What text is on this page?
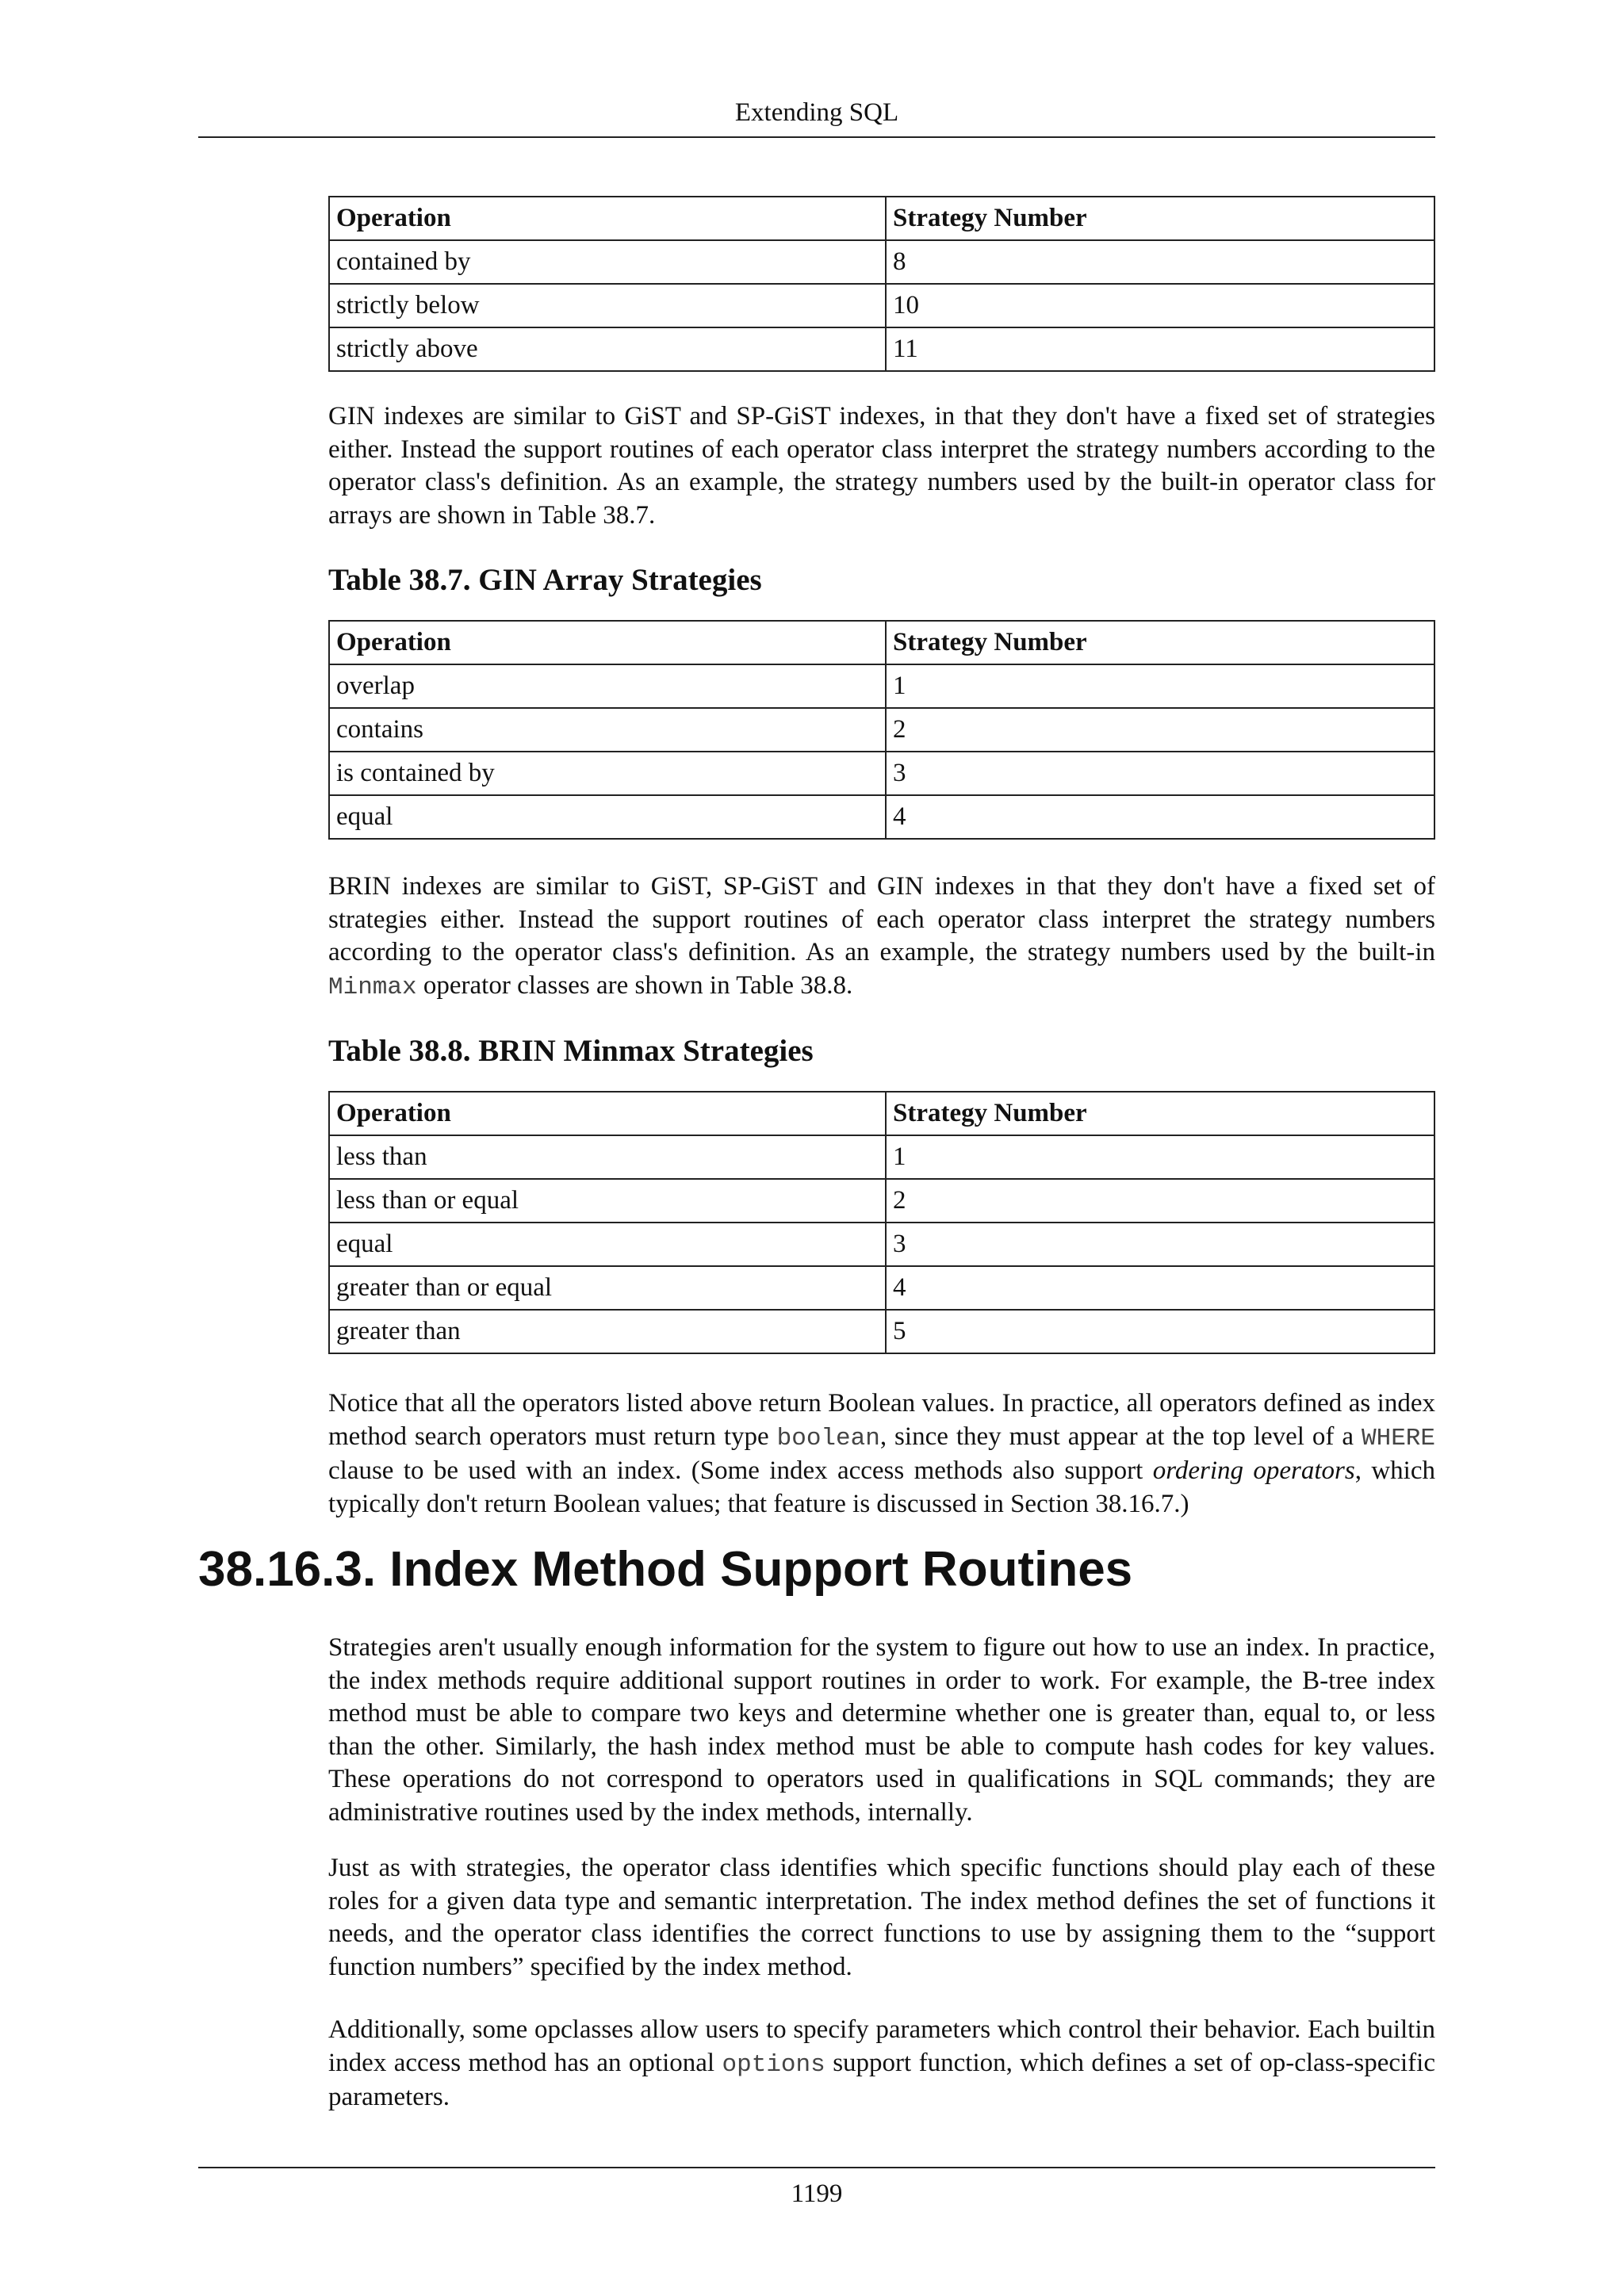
Extending SQL
Operation	Strategy Number
contained by	8
strictly below	10
strictly above	11

GIN indexes are similar to GiST and SP-GiST indexes, in that they don't have a fixed set of strategies either. Instead the support routines of each operator class interpret the strategy numbers according to the operator class's definition. As an example, the strategy numbers used by the built-in operator class for arrays are shown in Table 38.7.

Table 38.7. GIN Array Strategies

Operation	Strategy Number
overlap	1
contains	2
is contained by	3
equal	4

BRIN indexes are similar to GiST, SP-GiST and GIN indexes in that they don't have a fixed set of strategies either. Instead the support routines of each operator class interpret the strategy numbers according to the operator class's definition. As an example, the strategy numbers used by the built-in Minmax operator classes are shown in Table 38.8.

Table 38.8. BRIN Minmax Strategies

Operation	Strategy Number
less than	1
less than or equal	2
equal	3
greater than or equal	4
greater than	5

Notice that all the operators listed above return Boolean values. In practice, all operators defined as index method search operators must return type boolean, since they must appear at the top level of a WHERE clause to be used with an index. (Some index access methods also support ordering operators, which typically don't return Boolean values; that feature is discussed in Section 38.16.7.)

38.16.3. Index Method Support Routines

Strategies aren't usually enough information for the system to figure out how to use an index. In practice, the index methods require additional support routines in order to work. For example, the B-tree index method must be able to compare two keys and determine whether one is greater than, equal to, or less than the other. Similarly, the hash index method must be able to compute hash codes for key values. These operations do not correspond to operators used in qualifications in SQL commands; they are administrative routines used by the index methods, internally.

Just as with strategies, the operator class identifies which specific functions should play each of these roles for a given data type and semantic interpretation. The index method defines the set of functions it needs, and the operator class identifies the correct functions to use by assigning them to the “support function numbers” specified by the index method.

Additionally, some opclasses allow users to specify parameters which control their behavior. Each builtin index access method has an optional options support function, which defines a set of op-class-specific parameters.

1199
